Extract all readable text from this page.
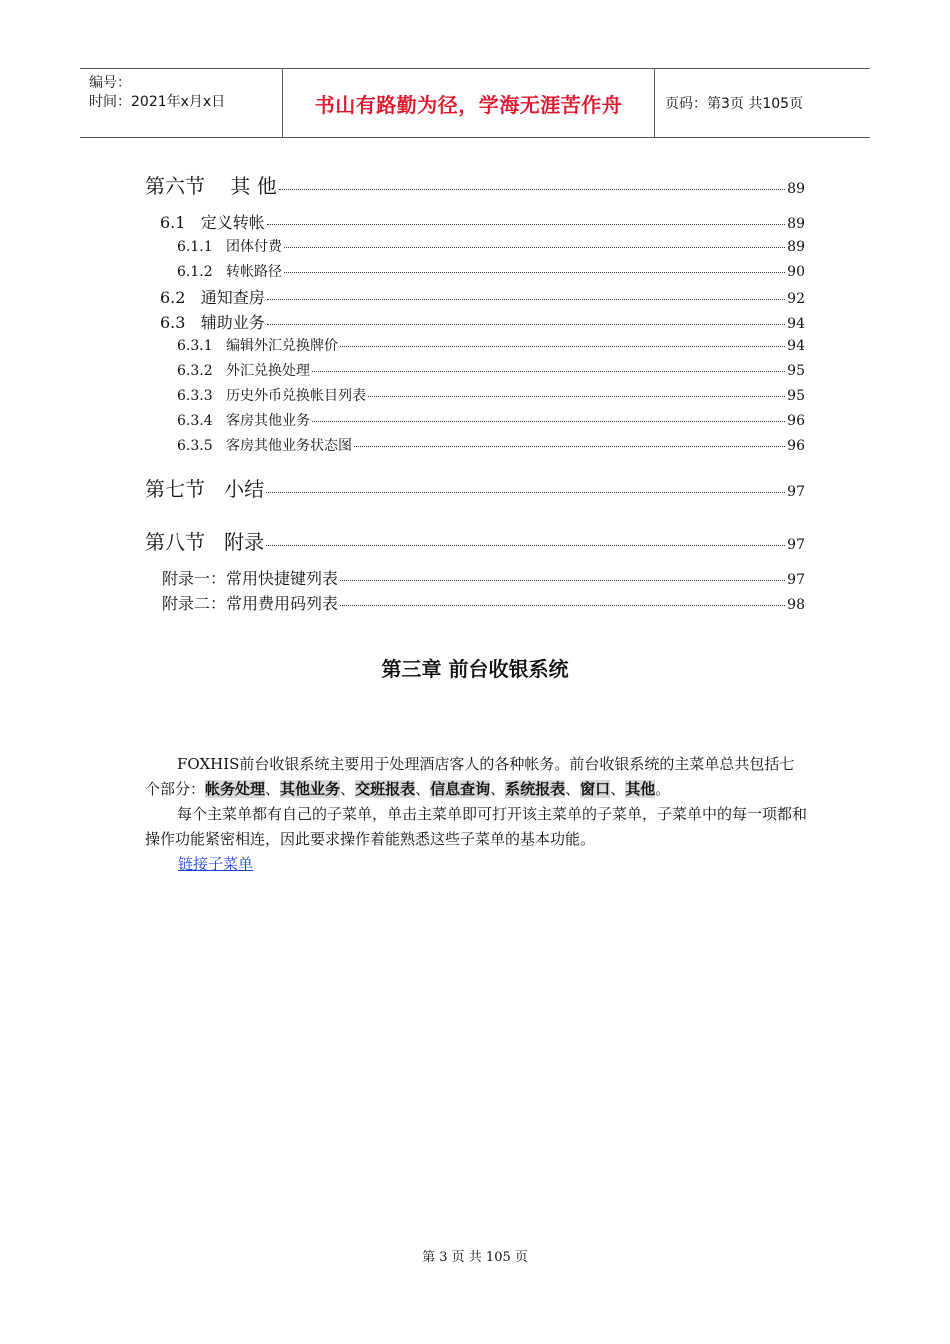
编号：
时间：2021年x月x日	书山有路勤为径，学海无涯苦作舟	页码：第3页 共105页
第六节    其 他	89
6.1   定义转帐	89
6.1.1   团体付费	89
6.1.2   转帐路径	90
6.2   通知查房	92
6.3   辅助业务	94
6.3.1   编辑外汇兑换牌价	94
6.3.2   外汇兑换处理	95
6.3.3   历史外币兑换帐目列表	95
6.3.4   客房其他业务	96
6.3.5   客房其他业务状态图	96
第七节   小结	97
第八节   附录	97
附录一：常用快捷键列表	97
附录二：常用费用码列表	98
第三章 前台收银系统
FOXHIS前台收银系统主要用于处理酒店客人的各种帐务。前台收银系统的主菜单总共包括七个部分：帐务处理、其他业务、交班报表、信息查询、系统报表、窗口、其他。
每个主菜单都有自己的子菜单，单击主菜单即可打开该主菜单的子菜单，子菜单中的每一项都和操作功能紧密相连，因此要求操作着能熟悉这些子菜单的基本功能。
链接子菜单
第 3 页 共 105 页
